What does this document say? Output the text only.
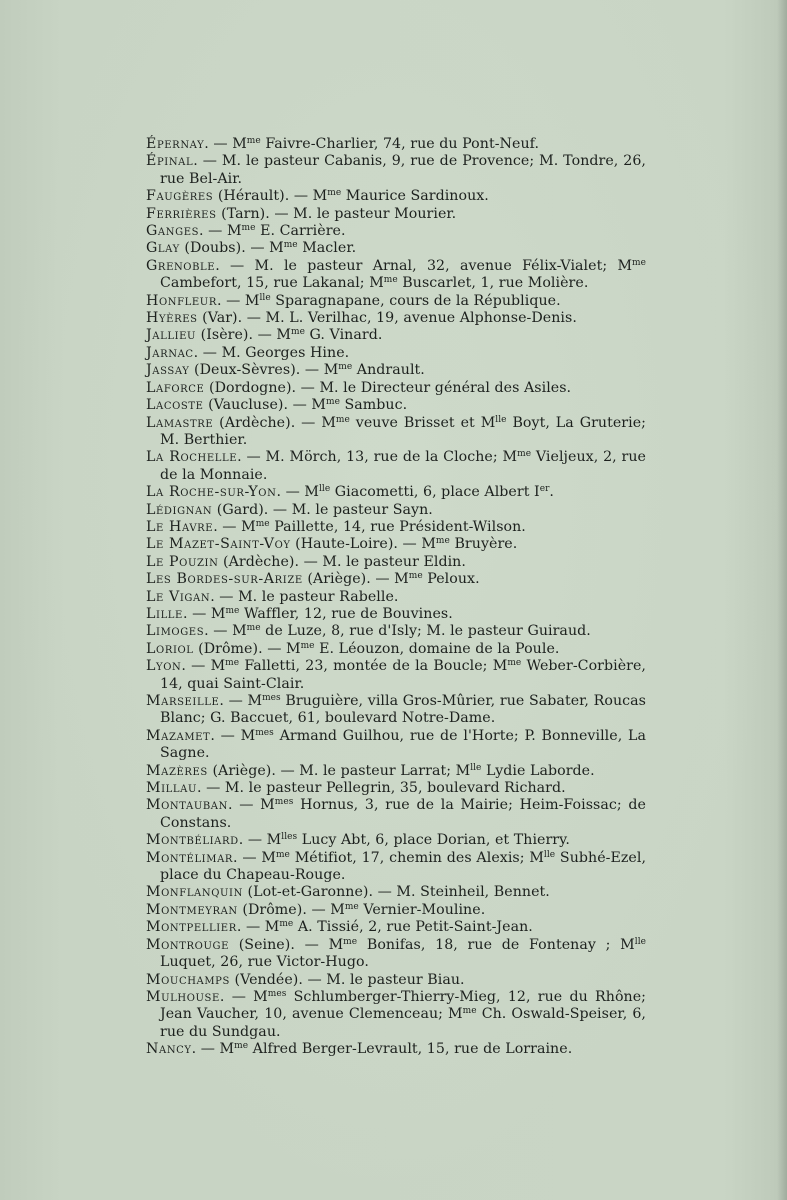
Épernay. — $M^{me}$ Faivre-Charlier, 74, rue du Pont-Neuf.

Épinal. — M. le pasteur Cabanis, 9, rue de Provence; M. Tondre, 26, rue Bel-Air.

Faugères (Hérault). — $M^{me}$ Maurice Sardinoux.

Ferrières (Tarn). — M. le pasteur Mourier.

Ganges. — $M^{me}$ E. Carrière.

Glay (Doubs). — $M^{me}$ Macler.

Grenoble. — M. le pasteur Arnal, 32, avenue Félix-Vialet; $M^{me}$ Cambefort, 15, rue Lakanal; $M^{me}$ Buscarlet, 1, rue Molière.

Honfleur. — $M^{lle}$ Sparagnapane, cours de la République.

Hyères (Var). — M. L. Verilhac, 19, avenue Alphonse-Denis.

Jallieu (Isère). — $M^{me}$ G. Vinard.

Jarnac. — M. Georges Hine.

Jassay (Deux-Sèvres). — $M^{me}$ Andrault.

Laforce (Dordogne). — M. le Directeur général des Asiles.

Lacoste (Vaucluse). — $M^{me}$ Sambuc.

Lamastre (Ardèche). — $M^{me}$ veuve Brisset et $M^{lle}$ Boyt, La Gruterie; M. Berthier.

La Rochelle. — M. Mörch, 13, rue de la Cloche; $M^{me}$ Vieljeux, 2, rue de la Monnaie.

La Roche-sur-Yon. — $M^{lle}$ Giacometti, 6, place Albert Ier.

Lédignan (Gard). — M. le pasteur Sayn.

Le Havre. — $M^{me}$ Paillette, 14, rue Président-Wilson.

Le Mazet-Saint-Voy (Haute-Loire). — $M^{me}$ Bruyère.

Le Pouzin (Ardèche). — M. le pasteur Eldin.

Les Bordes-sur-Arize (Ariège). — $M^{me}$ Peloux.

Le Vigan. — M. le pasteur Rabelle.

Lille. — $M^{me}$ Waffler, 12, rue de Bouvines.

Limoges. — $M^{me}$ de Luze, 8, rue d'Isly; M. le pasteur Guiraud.

Loriol (Drôme). — $M^{me}$ E. Léouzon, domaine de la Poule.

Lyon. — $M^{me}$ Falletti, 23, montée de la Boucle; $M^{me}$ Weber-Corbière, 14, quai Saint-Clair.

Marseille. — $M^{mes}$ Bruguière, villa Gros-Mûrier, rue Sabater, Roucas Blanc; G. Baccuet, 61, boulevard Notre-Dame.

Mazamet. — $M^{mes}$ Armand Guilhou, rue de l'Horte; P. Bonneville, La Sagne.

Mazères (Ariège). — M. le pasteur Larrat; $M^{lle}$ Lydie Laborde.

Millau. — M. le pasteur Pellegrin, 35, boulevard Richard.

Montauban. — $M^{mes}$ Hornus, 3, rue de la Mairie; Heim-Foissac; de Constans.

Montbéliard. — $M^{lles}$ Lucy Abt, 6, place Dorian, et Thierry.

Montélimar. — $M^{me}$ Métifiot, 17, chemin des Alexis; $M^{lle}$ Subhé-Ezel, place du Chapeau-Rouge.

Monflanquin (Lot-et-Garonne). — M. Steinheil, Bennet.

Montmeyran (Drôme). — $M^{me}$ Vernier-Mouline.

Montpellier. — $M^{me}$ A. Tissié, 2, rue Petit-Saint-Jean.

Montrouge (Seine). — $M^{me}$ Bonifas, 18, rue de Fontenay ; $M^{lle}$ Luquet, 26, rue Victor-Hugo.

Mouchamps (Vendée). — M. le pasteur Biau.

Mulhouse. — $M^{mes}$ Schlumberger-Thierry-Mieg, 12, rue du Rhône; Jean Vaucher, 10, avenue Clemenceau; $M^{me}$ Ch. Oswald-Speiser, 6, rue du Sundgau.

Nancy. — $M^{me}$ Alfred Berger-Levrault, 15, rue de Lorraine.
